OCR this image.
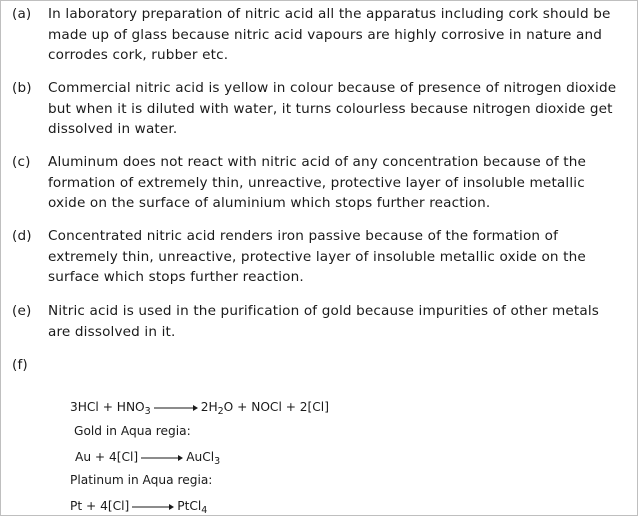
(a) In laboratory preparation of nitric acid all the apparatus including cork should be made up of glass because nitric acid vapours are highly corrosive in nature and corrodes cork, rubber etc.
(b) Commercial nitric acid is yellow in colour because of presence of nitrogen dioxide but when it is diluted with water, it turns colourless because nitrogen dioxide get dissolved in water.
(c) Aluminum does not react with nitric acid of any concentration because of the formation of extremely thin, unreactive, protective layer of insoluble metallic oxide on the surface of aluminium which stops further reaction.
(d) Concentrated nitric acid renders iron passive because of the formation of extremely thin, unreactive, protective layer of insoluble metallic oxide on the surface which stops further reaction.
(e) Nitric acid is used in the purification of gold because impurities of other metals are dissolved in it.
(f)
$3HCl + HNO_3 \to 2H_2O$ + NOCl + 2[Cl]
Gold in Aqua regia:
Au + 4[Cl] → AuCl$_3$
Platinum in Aqua regia:
Pt + 4[Cl] → PtCl$_4$
